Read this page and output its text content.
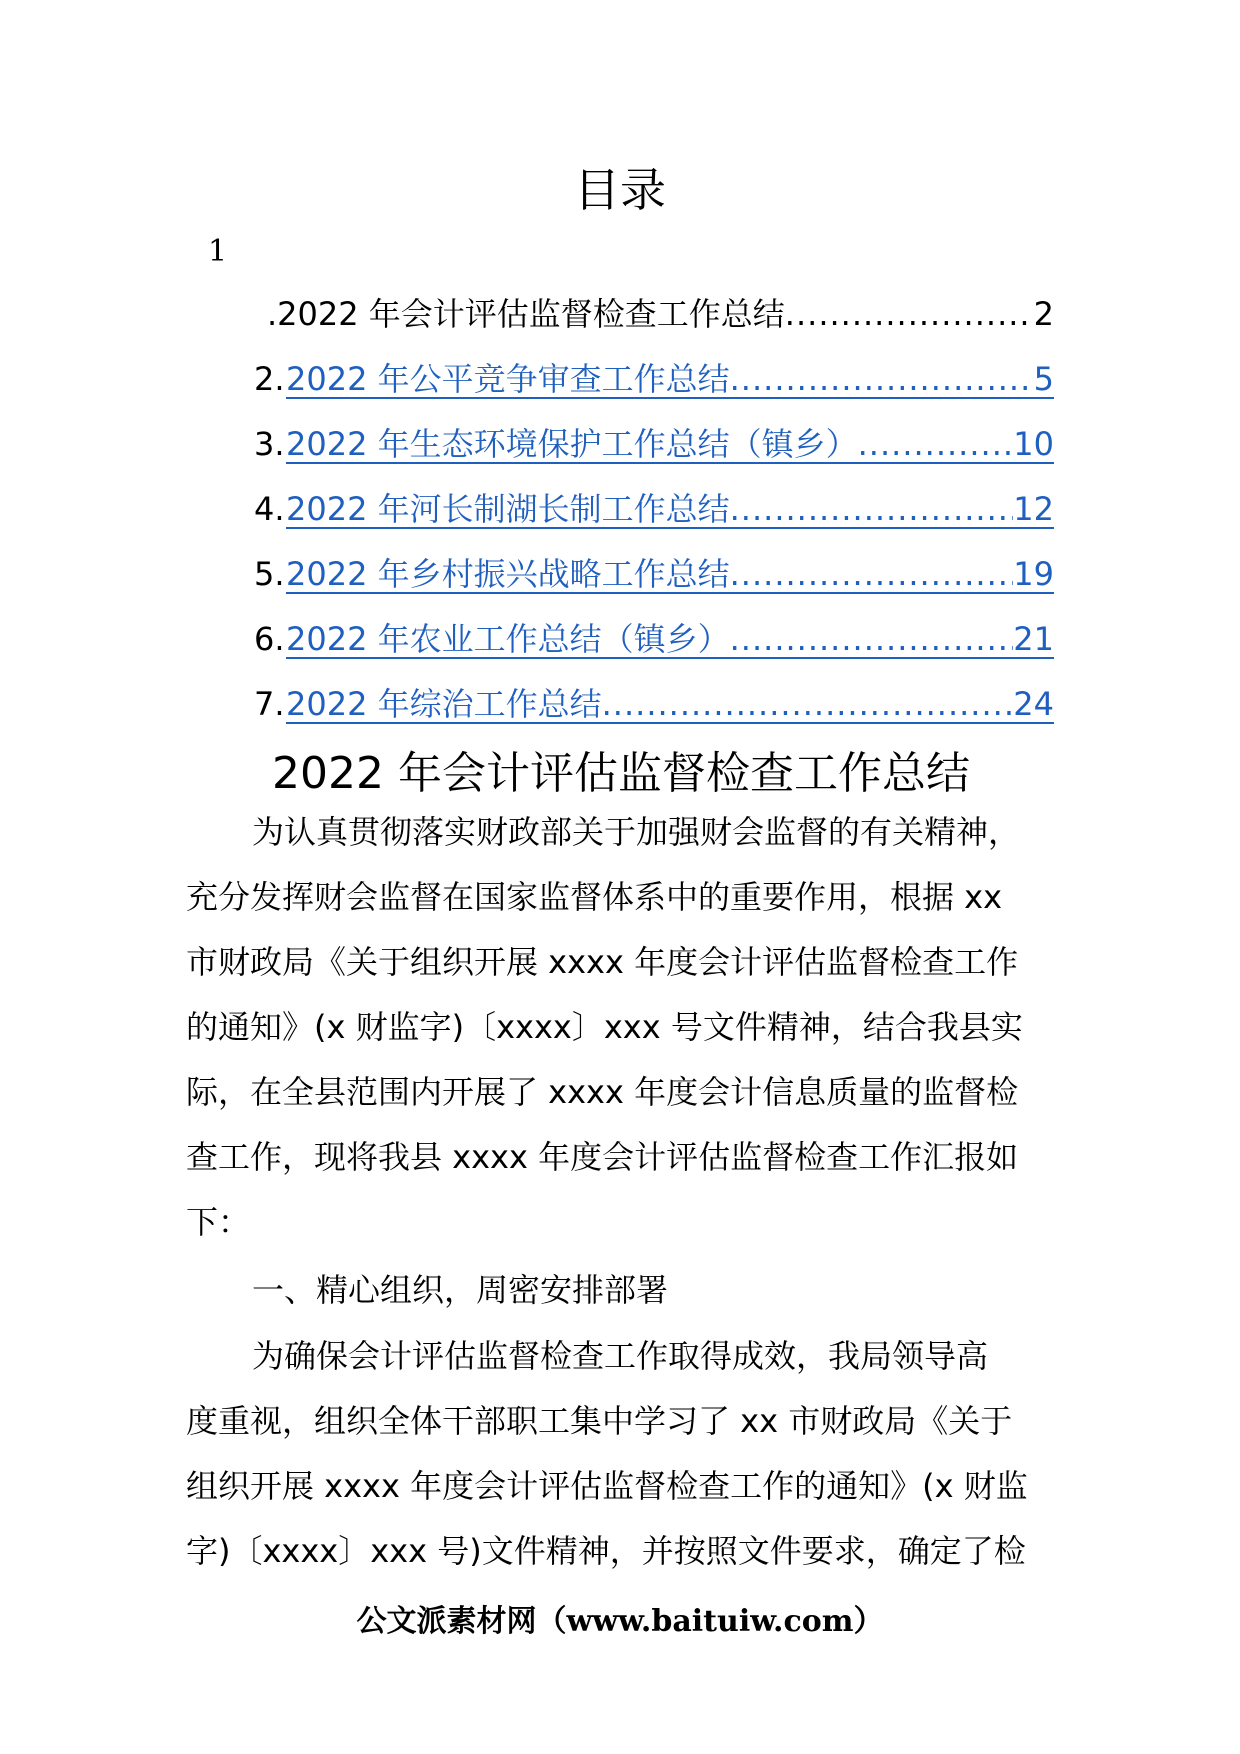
目录
1
.2022 年会计评估监督检查工作总结 .....	2
2. 2022 年公平竞争审查工作总结 .....	5
3. 2022 年生态环境保护工作总结（镇乡） .....	10
4. 2022 年河长制湖长制工作总结 .....	12
5. 2022 年乡村振兴战略工作总结 .....	19
6. 2022 年农业工作总结（镇乡） .....	21
7. 2022 年综治工作总结 .....	24
2022 年会计评估监督检查工作总结
为认真贯彻落实财政部关于加强财会监督的有关精神，
充分发挥财会监督在国家监督体系中的重要作用，根据 xx
市财政局《关于组织开展 xxxx 年度会计评估监督检查工作
的通知》(x 财监字)〔xxxx〕xxx 号文件精神，结合我县实
际，在全县范围内开展了 xxxx 年度会计信息质量的监督检
查工作，现将我县 xxxx 年度会计评估监督检查工作汇报如
下：
一、精心组织，周密安排部署
为确保会计评估监督检查工作取得成效，我局领导高
度重视，组织全体干部职工集中学习了 xx 市财政局《关于
组织开展 xxxx 年度会计评估监督检查工作的通知》(x 财监
字)〔xxxx〕xxx 号)文件精神，并按照文件要求，确定了检
公文派素材网（www.baituiw.com）
